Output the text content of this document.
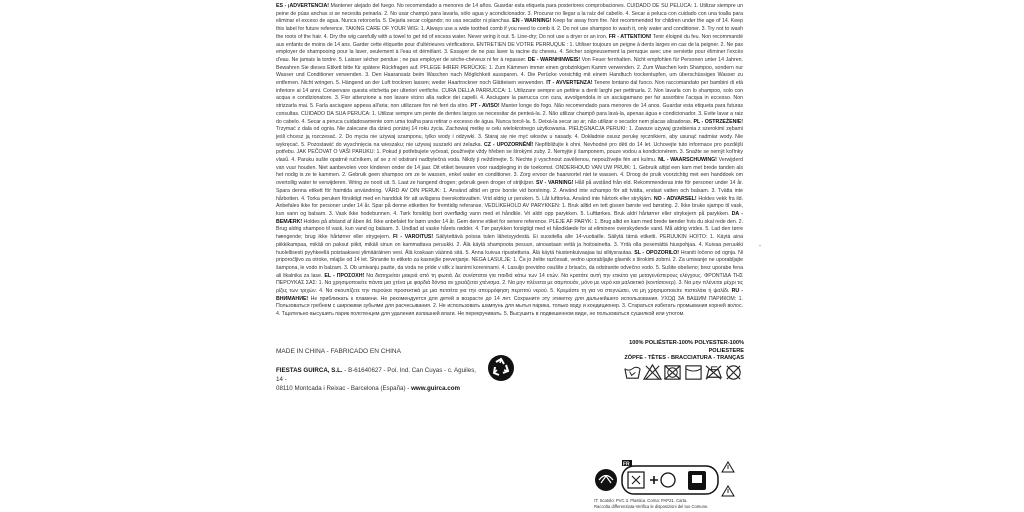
ES - ¡ADVERTENCIA! Mantener alejado del fuego. No recomendado a menores de 14 años. Guardar esta etiqueta para posteriores comprobaciones. CUIDADO DE SU PELUCA: 1. Utilizar siempre un peine de púas anchas si se necesita peinarla. 2. No usar champú para lavarla, sólo agua y acondicionador. 3. Procurar no llegar a la raíz del cabello. 4. Secar a peluca con cuidado con una toalla para eliminar el exceso de agua. Nunca retorcerla. 5. Dejarla secar colgando; no usa secador ni planchas. EN - WARNING! Keep far away from fire. Not recommended for children under the age of 14. Keep this label for future reference. TAKING CARE OF YOUR WIG: 1. Always use a wide toothed comb if you need to comb it. 2. Do not use shampoo to wash it, only water and conditioner. 3. Try not to wash the roots of the hair. 4. Dry the wig carefully with a towel to get rid of excess water. Never wring it out. 5. Line-dry; Do not use a dryer or an iron. FR - ATTENTION! Tenir éloigné du feu. Non recommandé aux enfants de moins de 14 ans. Garder cette étiquette pour d'ultérieures vérifications. ENTRETIEN DE VOTRE PERRUQUE : 1. Utiliser toujours un peigne à dents larges en cas de la peigner. 2. Ne pas employer de shampooing pour la laver, seulement à l'eau et démêlant. 3. Essayer de ne pas laver la racine du cheveu. 4. Sécher soigneusement la perruque avec une serviette pour éliminer l'excès d'eau. Ne jamais la tordre. 5. Laisser sécher pendue ; ne pas employer de sèche-cheveux ni fer à repasser. DE - WARNHINWEIS! Von Feuer fernhalten. Nicht empfohlen für Personen unter 14 Jahren. Bewahren Sie dieses Etikett bitte für spätere Rückfragen auf. PFLEGE IHRER PERÜCKE: 1. Zum Kämmen immer einen grobzinkigen Kamm verwenden. 2. Zum Waschen kein Shampoo, sondern nur Wasser und Conditioner verwenden. 3. Den Haaransatz beim Waschen nach Möglichkeit aussparen. 4. Die Perücke vorsichtig mit einem Handtuch trockentupfen, um überschüssiges Wasser zu entfernen. Nicht wringen. 5. Hängend an der Luft trocknen lassen; weder Haartrockner noch Glätteisen verwenden. IT - AVVERTENZA! Tenere lontano dal fuoco. Non raccomandato per bambini di età inferiore ai 14 anni. Conservare questa etichetta per ulteriori verifiche. CURA DELLA PARRUCCA: 1. Utilizzare sempre un pettine a denti larghi per pettinarla. 2. Non lavarla con lo shampoo, solo con acqua e condizionatore. 3. Fior attenzione a non lavare vicino alla radice dei capelli. 4. Asciugare la parrucca con cura, avvolgendola in un asciugamano per far assorbire l'acqua in eccesso. Non strizzarla mai. 5. Farla asciugare appesa all'aria; non utilizzare fon né ferri da stiro. PT - AVISO! Manter longe do fogo. Não recomendado para menores de 14 anos. Guardar esta etiqueta para futuras consultas. CUIDADO DA SUA PERUCA: 1. Utilizar sempre um pente de dentes largos se necessitar de penteá-la. 2. Não utilizar champô para lavá-la, apenas água e condicionador. 3. Evite lavar a raiz do cabelo. 4. Secar a peruca cuidadosamente com uma toalha para retirar o excesso de água. Nunca torcê-la. 5. Deixá-la secar ao ar; não utilizar o secador nem placas alisadoras. PL - OSTRZEŻENIE! Trzymać z dala od ognia. Nie zalecane dla dzieci poniżej 14 roku życia. Zachowaj metkę w celu wielokrotnego użytkowania. PIELĘGNACJA PERUKI: 1. Zawsze używaj grzebienia z szerokimi zębami jeśli chcesz ją rozczesać. 2. Do mycia nie używaj szamponu, tylko wody i odżywki. 3. Staraj się nie myć włosów u nasady. 4. Dokładnie osusz perukę ręcznikiem, aby usunąć nadmiar wody. Nie wykręcać. 5. Pozostawić do wyschnięcia na wieszaku; nie używaj suszarki ani żelazka. CZ - UPOZORNĚNÍ! Nepřibližujte k ohni. Nevhodné pro děti do 14 let. Uchovejte tuto informace pro pozdější potřebu. JAK PEČOVAT O VAŠI PARUKU: 1. Pokud ji potřebujete vyčesat, používejte vždy hřeben se širokými zuby. 2. Nemyjte ji šamponem, pouze vodou a kondicionérem. 3. Snažte se nemýt kořínky vlasů. 4. Paruku sušte opatrně ručníkem, ať se z ní odstraní nadbytečná voda. Nikdy ji neždímejte. 5. Nechte ji vyschnout zavěšenou, nepoužívejte fén ani kulmu. NL - WAARSCHUWING! Verwijderd van vuur houden. Niet aanbevolen voor kinderen onder de 14 jaar. Dit etiket bewaren voor raadpleging in de toekomst. ONDERHOUD VAN UW PRUIK: 1. Gebruik altijd een kam met brede tanden als het nodig is ze te kammen. 2. Gebruik geen shampoo om ze te wassen, enkel water en conditioner. 3. Zorg ervoor de haarwortel niet te wassen. 4. Droog de pruik voorzichtig met een handdoek om overtollig water te verwijderen. Wring ze nooit uit. 5. Laat ze hangend drogen; gebruik geen droger of strijkijzer. SV - VARNING! Håll på avstånd från eld. Rekommenderas inte för personer under 14 år. Spara denna etikett för framtida användning. VÅRD AV DIN PERUK: 1. Använd alltid en grov borste vid borstning. 2. Använd inte schampo för att tvätta, endast vatten och balsam. 3. Tvätta inte hårbotten. 4. Torka peruken försiktigt med en handduk för att avlägsna överskottsvatten. Vrid aldrig ur peruken. 5. Låt lufttorka. Använd inte hårtork eller strykjärn. NO - ADVARSEL! Holdes vekk fra ild. Anbefales ikke for personer under 14 år. Spar på denne etiketten for fremtidig referanse. VEDLIKEHOLD AV PARYKKEN: 1. Bruk alltid en tett gissen børste ved børsting. 2. Ikke bruke sjampo til vask, kun vann og balsam. 3. Vask ikke hodebunnen. 4. Tørk forsiktig bort overflødig vann med et håndkle. Vri aldri opp parykken. 5. Lufttørkes. Bruk aldri hårtørrer eller strykejern på parykken. DA - BEMÆRK! Holdes på afstand af åben ild. Ikke anbefalet for børn under 14 år. Gem denne etiket for senere reference. PLEJE AF PARYK: 1. Brug altid en kam med brede tænder hvis du skal rede den. 2. Brug aldrig shampoo til vask, kun vand og balsam. 3. Undlad at vaske hårets rødder. 4. Tør parykken forsigtigt med et håndklæde for at eliminere overskydende vand. Må aldrig vrides. 5. Lad den tørre hængende; brug ikke hårtørrer eller strygejern. FI - VAROITUS! Säilytettävä poissa tulen läheisyydestä. Ei suositella alle 14-vuotiaille. Säilytä tämä etiketti. PERUUKIN HOITO: 1. Käytä aina piikkikampaa, mikäli on paksut piikit, mikäli sinun on kammattava peruukki. 2. Älä käytä shampoota pesuun, ainoastaan vettä ja hoitoainetta. 3. Yritä olla pesemättä hiuspohjaa. 4. Kuivaa peruukki huolellisesti pyyhkeellä poistaaksesi ylimääräinen vesi. Älä koskaan väännä sitä. 5. Anna kuivua ripustettuna. Älä käytä hiustenkuivaajaa tai silitysrautaa. SL - OPOZORILO! Hraniti ločeno od ognja. Ni priporočljivo za otroke, mlajše od 14 let. Shranite to etiketo za kasnejše preverjanje. NEGA LASULJE: 1. Če jo želite razčesati, vedno uporabljajte glavnik s širokimi zobmi. 2. Za umivanje ne uporabljajte šampona, le vodo in balzam. 3. Ob umivanju pazite, da voda ne pride v stik z lasnimi koreninami. 4. Lasuljo previdno osušite z brisačo, da odstranite odvečno vodo. 5. Sušite obešeno; brez uporabe fena ali likalnika za lase. EL - ΠΡΟΣΟΧΗ! Να διατηρείται μακριά από τη φωτιά. Δε συνίσταται για παιδιά κάτω των 14 ετών. Να κρατάτε αυτή την ετικέτα για μεταγενέστερους ελέγχους. ΦΡΟΝΤΙΔΑ ΤΗΣ ΠΕΡΟΥΚΑΣ ΣΑΣ: 1. Να χρησιμοποιείτε πάντα μια χτένα με φαρδιά δόντια αν χρειάζεται χτένισμα. 2. Να μην πλένεται με σαμπουάν, μόνο με νερό και μαλακτικό (κοντίσιονερ). 3. Να μην πλένεται μέχρι τις ρίζες των τριχών. 4. Να σκουπίζετε την περούκα προσεκτικά με μια πετσέτα για την απορρόφηση περιττού νερού. 5. Κρεμάστε τη για να στεγνώσει, να μη χρησιμοποιείτε πιστολάκι ή ψαλίδι. RU - ВНИМАНИЕ! Не приближать к пламени. Не рекомендуется для детей в возрасте до 14 лет. Сохраните эту этикетку для дальнейшего использования. УХОД ЗА ВАШИМ ПАРИКОМ: 1. Пользоваться гребнем с широкими зубьями для расчесывания. 2. Не использовать шампунь для мытья парика, только воду и кондиционер. 3. Стараться избегать промывания корней волос. 4. Тщательно высушить парик полотенцем для удаления излишней влаги. Не перекручивать. 5. Высушить в подвешенном виде, не пользоваться сушилкой или утюгом.
MADE IN CHINA - FABRICADO EN CHINA
FIESTAS GUIRCA, S.L. - B-61640627 - Pol. Ind. Can Cuyas - c. Aguiles, 14 -
08110 Montcada i Reixac - Barcelona (España) - www.guirca.com
100% POLIÉSTER-100% POLYESTER-100% POLIESTERE
ZÖPFE - TÊTES - BRACCIATURA - TRANÇAS
FR
IT: Scatolo: PVC 3. Plastica. Corna: PAP21. Carta.
Raccolta differenziata-Verifica le disposizioni del tuo Comune.
